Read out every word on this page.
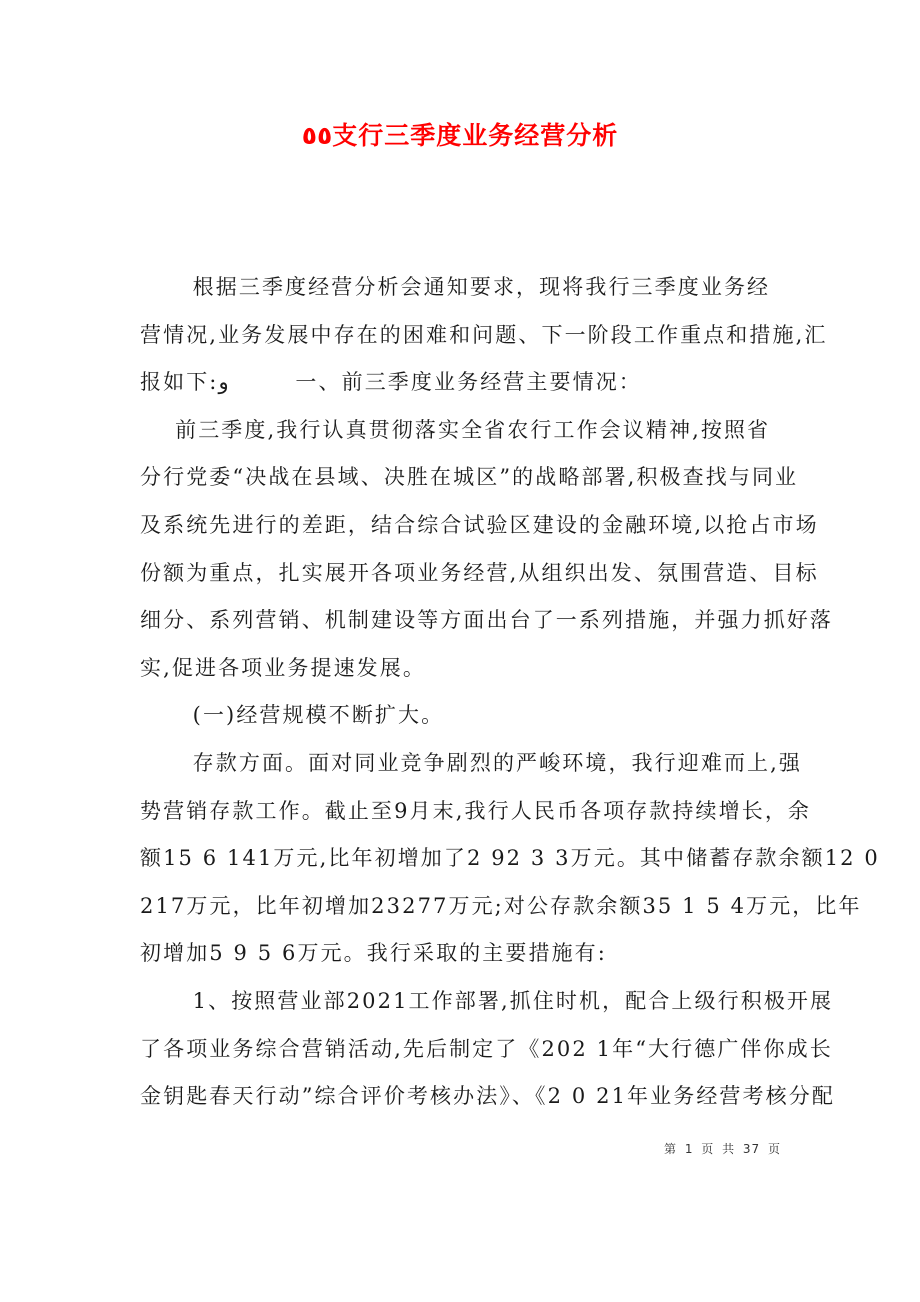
٥٥支行三季度业务经营分析
根据三季度经营分析会通知要求，现将我行三季度业务经
营情况,业务发展中存在的困难和问题、下一阶段工作重点和措施,汇
报如下:و          一、前三季度业务经营主要情况：
前三季度,我行认真贯彻落实全省农行工作会议精神,按照省
分行党委“决战在县域、决胜在城区”的战略部署,积极查找与同业
及系统先进行的差距，结合综合试验区建设的金融环境,以抢占市场
份额为重点，扎实展开各项业务经营,从组织出发、氛围营造、目标
细分、系列营销、机制建设等方面出台了一系列措施，并强力抓好落
实,促进各项业务提速发展。
(一)经营规模不断扩大。
存款方面。面对同业竞争剧烈的严峻环境，我行迎难而上,强
势营销存款工作。截止至9月末,我行人民币各项存款持续增长，余
额15 6 141万元,比年初增加了2 92 3 3万元。其中储蓄存款余额12 0
217万元，比年初增加23277万元;对公存款余额35 1 5 4万元，比年
初增加5 9 5 6万元。我行采取的主要措施有:
1、按照营业部2021工作部署,抓住时机，配合上级行积极开展
了各项业务综合营销活动,先后制定了《202 1年“大行德广伴你成长
金钥匙春天行动”综合评价考核办法》、《2 0 21年业务经营考核分配
第 1 页 共 37 页
